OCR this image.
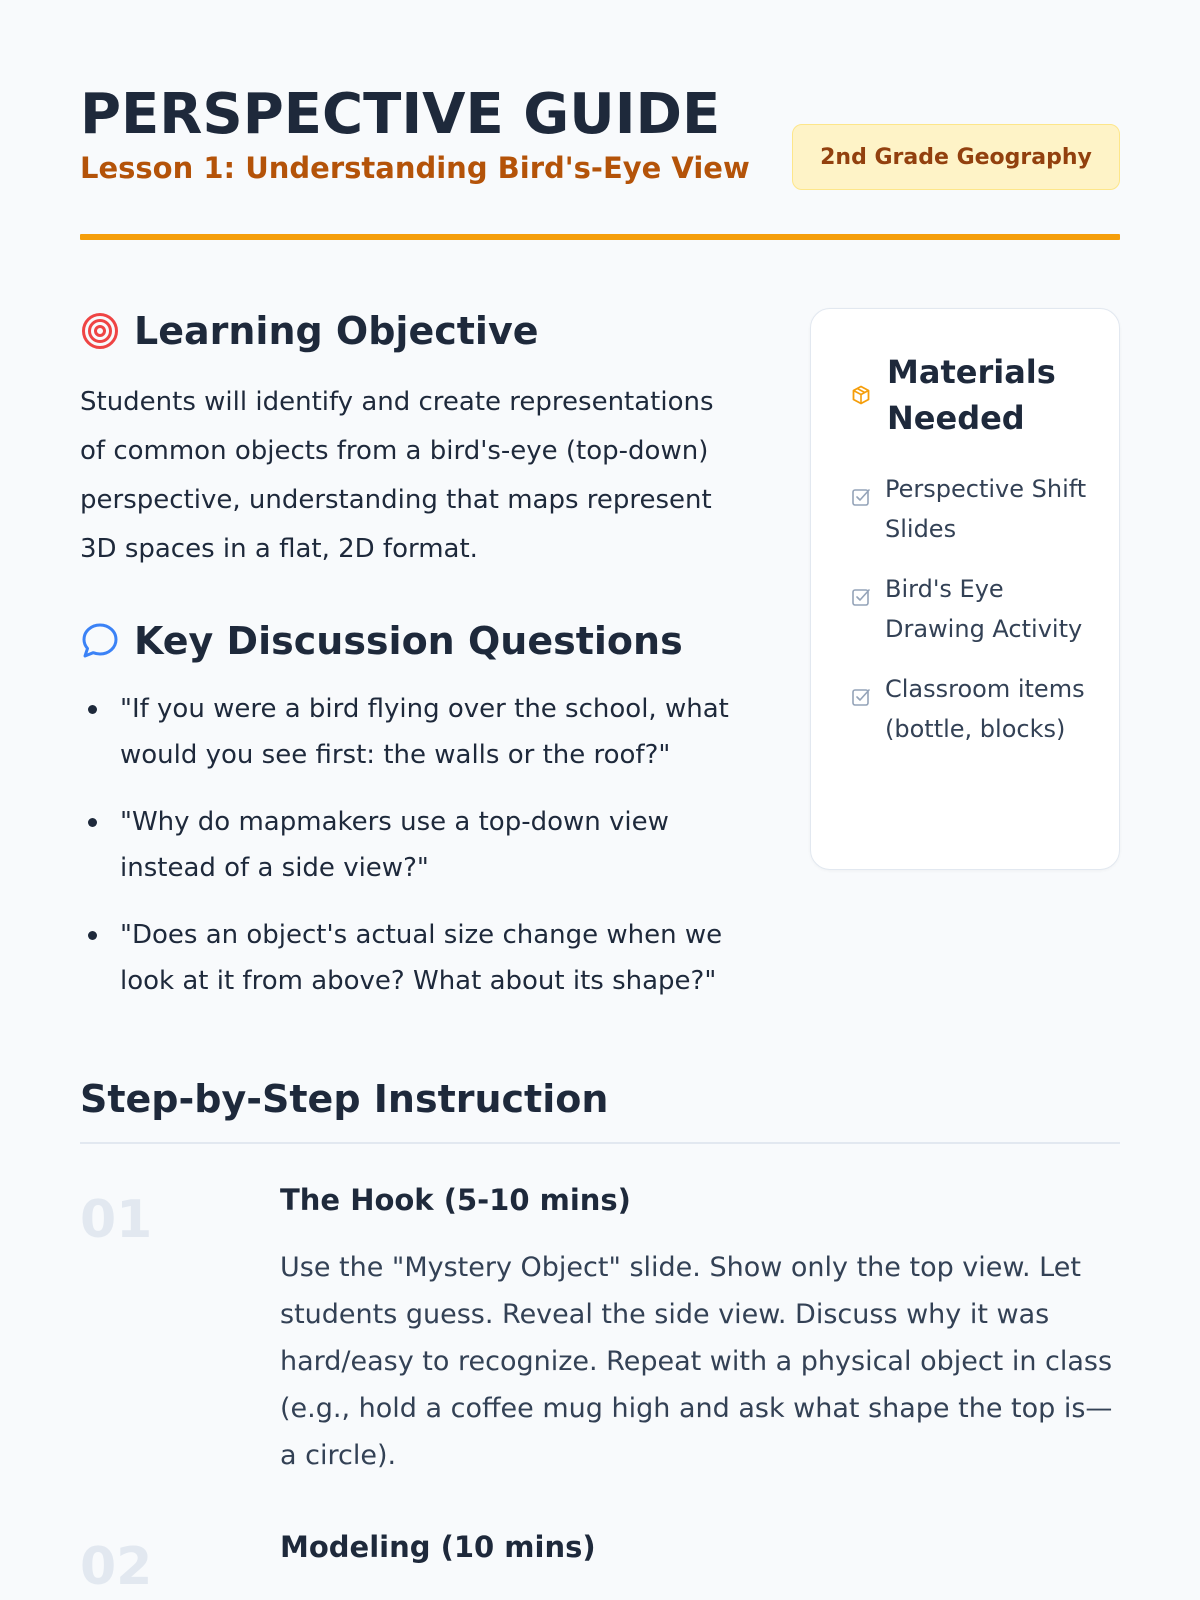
PERSPECTIVE GUIDE
Lesson 1: Understanding Bird's-Eye View	2nd Grade Geography
Learning Objective
Students will identify and create representations of common objects from a bird's-eye (top-down) perspective, understanding that maps represent 3D spaces in a flat, 2D format.
Key Discussion Questions
"If you were a bird flying over the school, what would you see first: the walls or the roof?"
"Why do mapmakers use a top-down view instead of a side view?"
"Does an object's actual size change when we look at it from above? What about its shape?"
Materials Needed
Perspective Shift Slides
Bird's Eye Drawing Activity
Classroom items (bottle, blocks)
Step-by-Step Instruction
01	The Hook (5-10 mins)
Use the "Mystery Object" slide. Show only the top view. Let students guess. Reveal the side view. Discuss why it was hard/easy to recognize. Repeat with a physical object in class (e.g., hold a coffee mug high and ask what shape the top is—a circle).
02	Modeling (10 mins)
